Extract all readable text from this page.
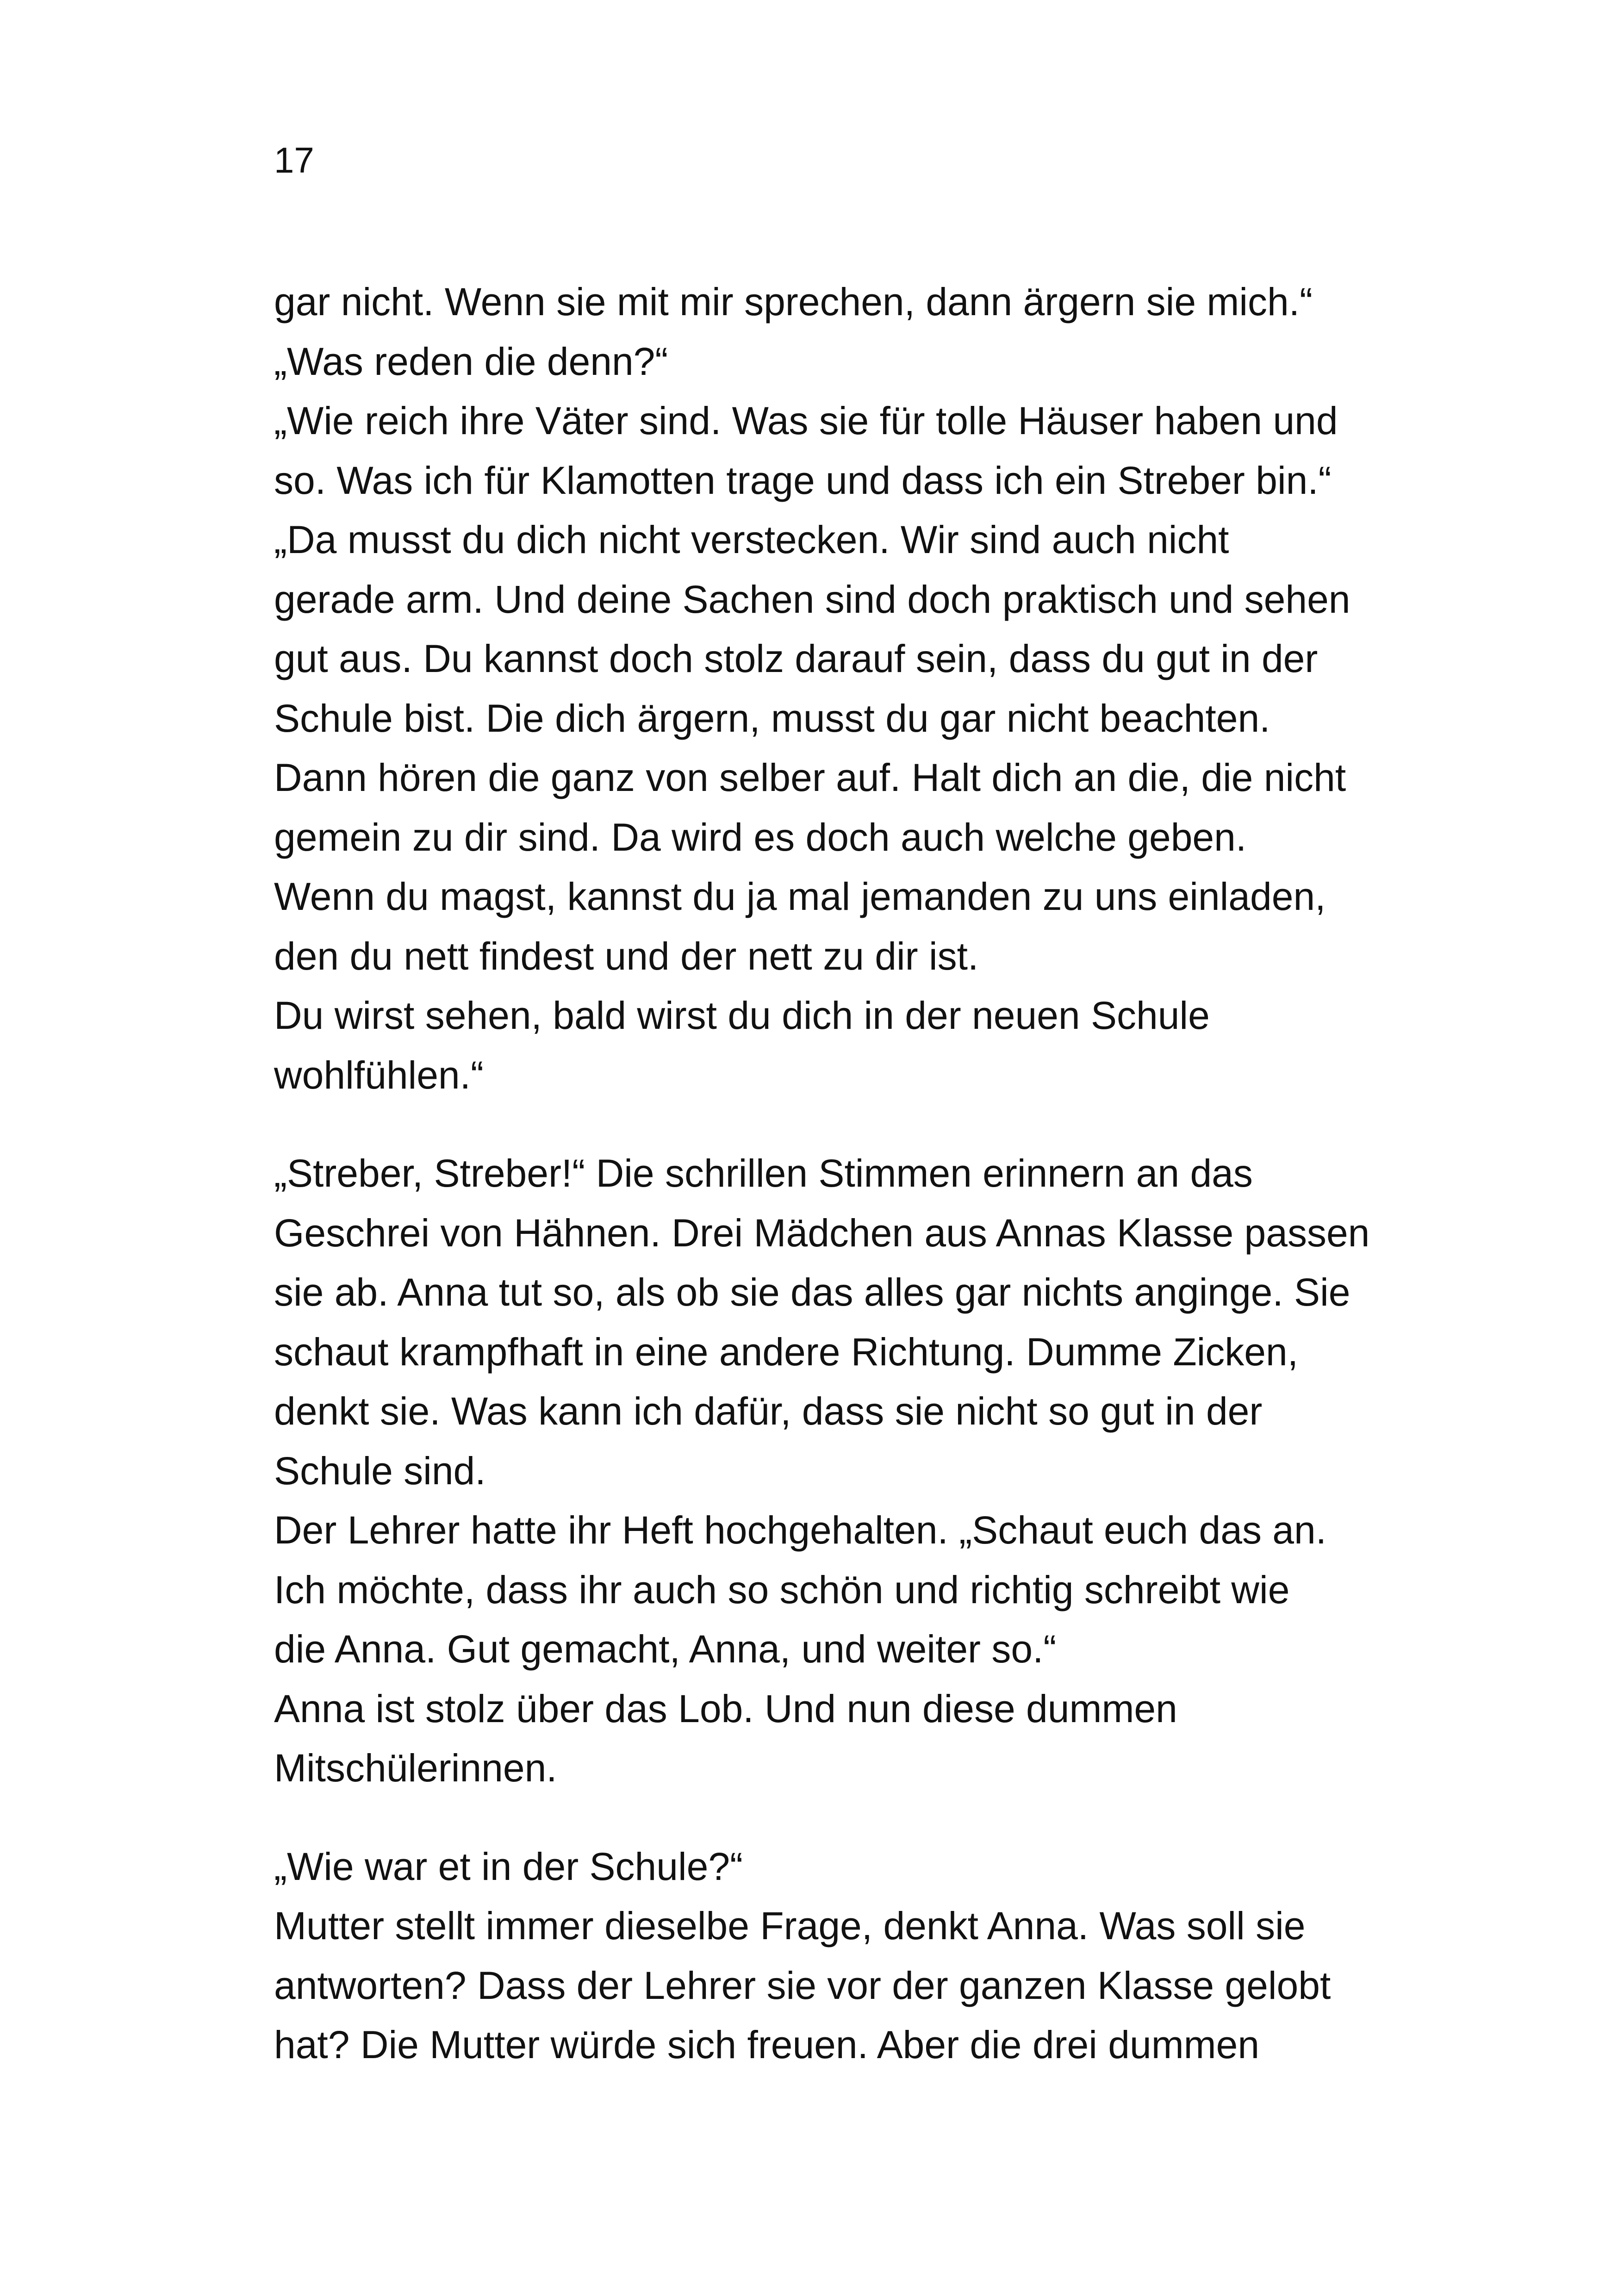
17
gar nicht. Wenn sie mit mir sprechen, dann ärgern sie mich.“
„Was reden die denn?“
„Wie reich ihre Väter sind. Was sie für tolle Häuser haben und
so. Was ich für Klamotten trage und dass ich ein Streber bin.“
„Da musst du dich nicht verstecken. Wir sind auch nicht
gerade arm. Und deine Sachen sind doch praktisch und sehen
gut aus. Du kannst doch stolz darauf sein, dass du gut in der
Schule bist. Die dich ärgern, musst du gar nicht beachten.
Dann hören die ganz von selber auf. Halt dich an die, die nicht
gemein zu dir sind. Da wird es doch auch welche geben.
Wenn du magst, kannst du ja mal jemanden zu uns einladen,
den du nett findest und der nett zu dir ist.
Du wirst sehen, bald wirst du dich in der neuen Schule
wohlfühlen.“
„Streber, Streber!“ Die schrillen Stimmen erinnern an das
Geschrei von Hähnen. Drei Mädchen aus Annas Klasse passen
sie ab. Anna tut so, als ob sie das alles gar nichts anginge. Sie
schaut krampfhaft in eine andere Richtung. Dumme Zicken,
denkt sie. Was kann ich dafür, dass sie nicht so gut in der
Schule sind.
Der Lehrer hatte ihr Heft hochgehalten. „Schaut euch das an.
Ich möchte, dass ihr auch so schön und richtig schreibt wie
die Anna. Gut gemacht, Anna, und weiter so.“
Anna ist stolz über das Lob. Und nun diese dummen
Mitschülerinnen.
„Wie war et in der Schule?“
Mutter stellt immer dieselbe Frage, denkt Anna. Was soll sie
antworten? Dass der Lehrer sie vor der ganzen Klasse gelobt
hat? Die Mutter würde sich freuen. Aber die drei dummen
